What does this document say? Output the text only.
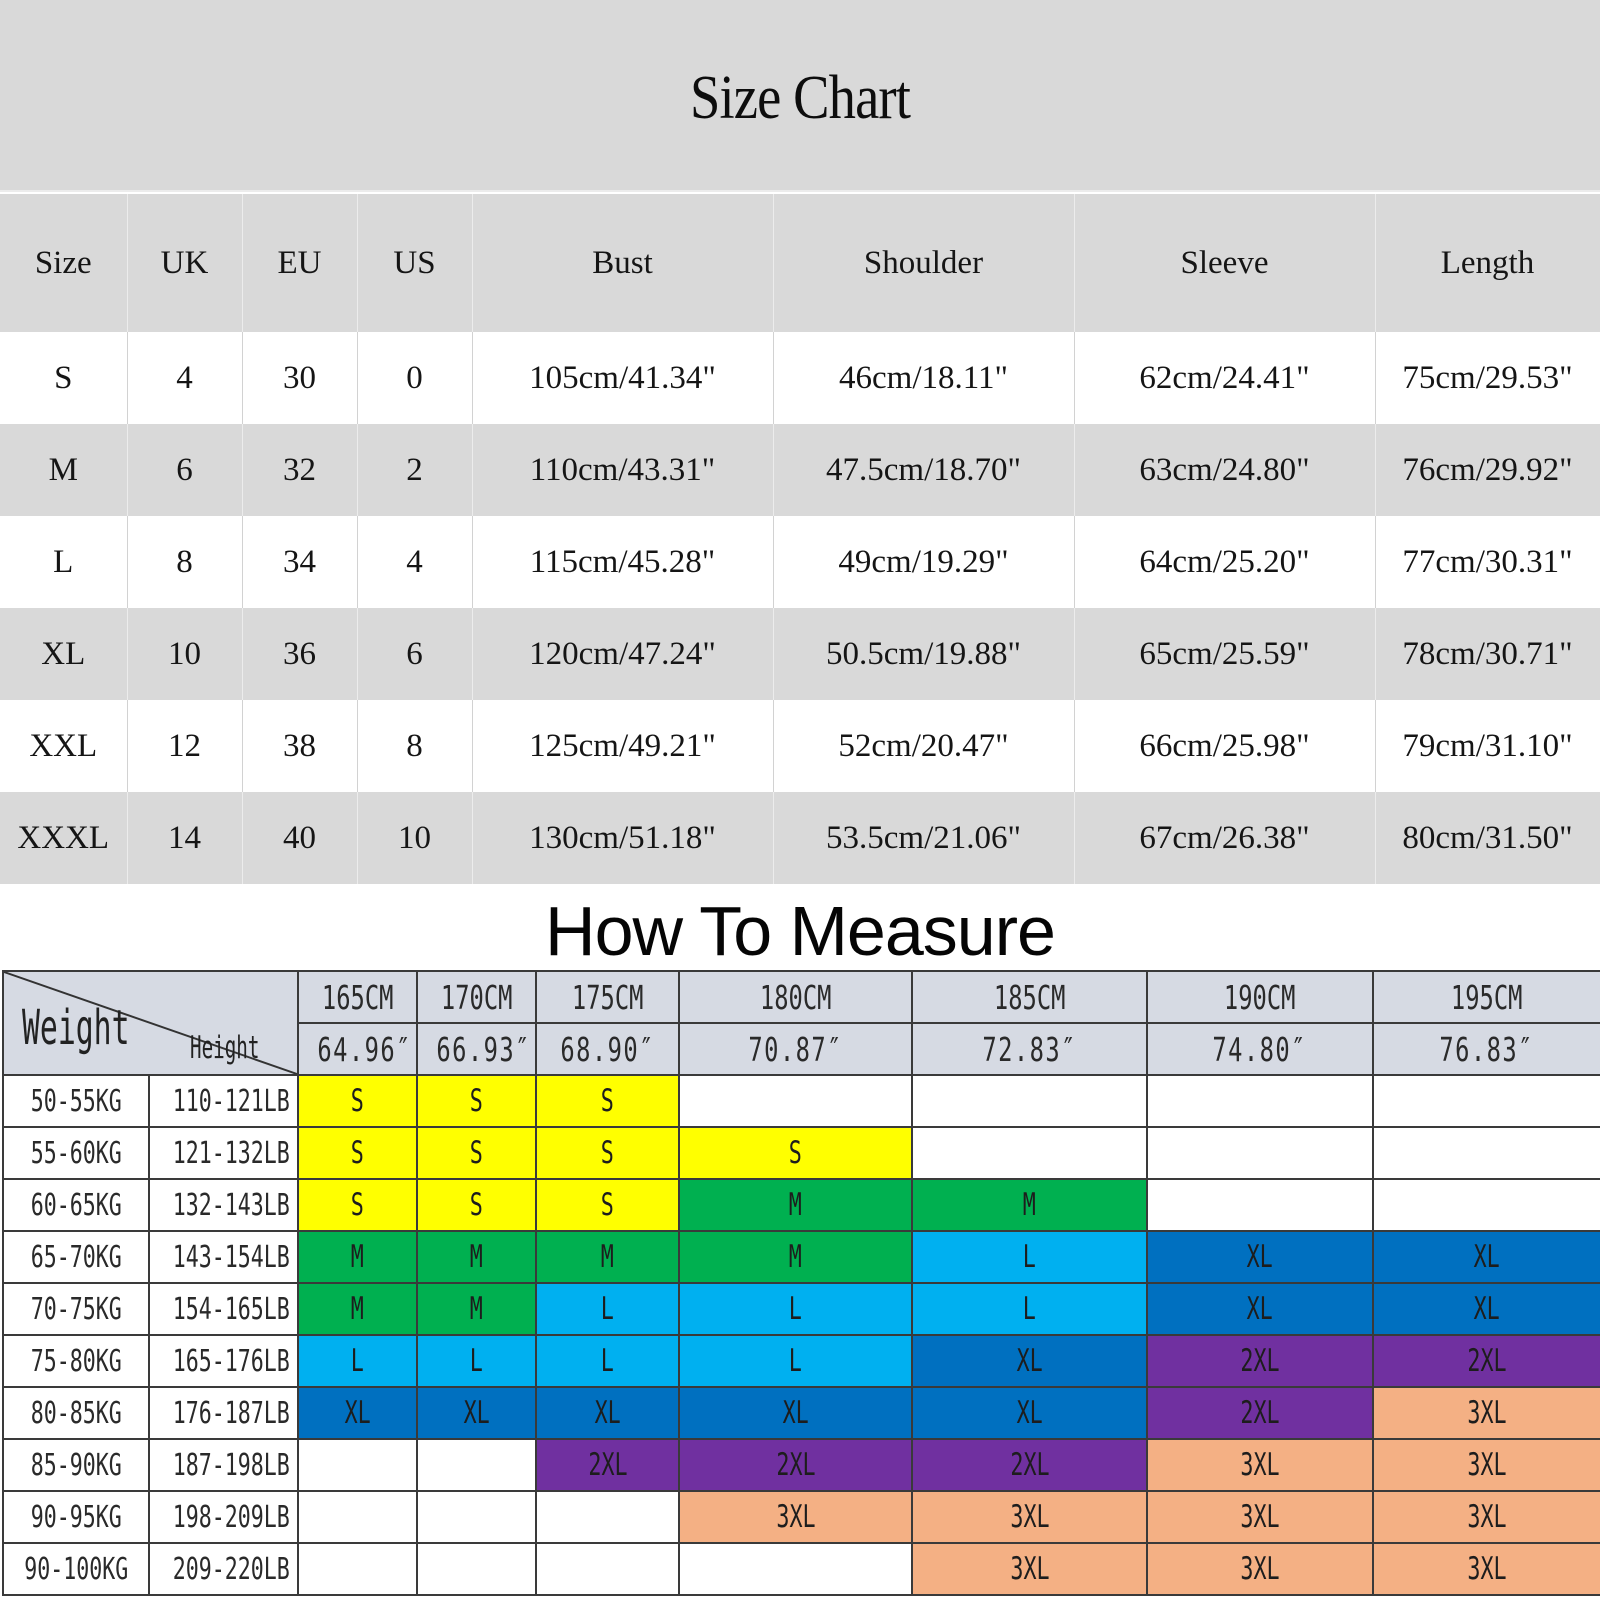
Size Chart
Size	UK	EU	US	Bust	Shoulder	Sleeve	Length
S	4	30	0	105cm/41.34"	46cm/18.11"	62cm/24.41"	75cm/29.53"
M	6	32	2	110cm/43.31"	47.5cm/18.70"	63cm/24.80"	76cm/29.92"
L	8	34	4	115cm/45.28"	49cm/19.29"	64cm/25.20"	77cm/30.31"
XL	10	36	6	120cm/47.24"	50.5cm/19.88"	65cm/25.59"	78cm/30.71"
XXL	12	38	8	125cm/49.21"	52cm/20.47"	66cm/25.98"	79cm/31.10"
XXXL	14	40	10	130cm/51.18"	53.5cm/21.06"	67cm/26.38"	80cm/31.50"
How To Measure
Weight Height		165CM	170CM	175CM	180CM	185CM	190CM	195CM
		64.96″	66.93″	68.90″	70.87″	72.83″	74.80″	76.83″
50-55KG	110-121LB	S	S	S				
55-60KG	121-132LB	S	S	S	S			
60-65KG	132-143LB	S	S	S	M	M		
65-70KG	143-154LB	M	M	M	M	L	XL	XL
70-75KG	154-165LB	M	M	L	L	L	XL	XL
75-80KG	165-176LB	L	L	L	L	XL	2XL	2XL
80-85KG	176-187LB	XL	XL	XL	XL	XL	2XL	3XL
85-90KG	187-198LB			2XL	2XL	2XL	3XL	3XL
90-95KG	198-209LB				3XL	3XL	3XL	3XL
90-100KG	209-220LB					3XL	3XL	3XL
